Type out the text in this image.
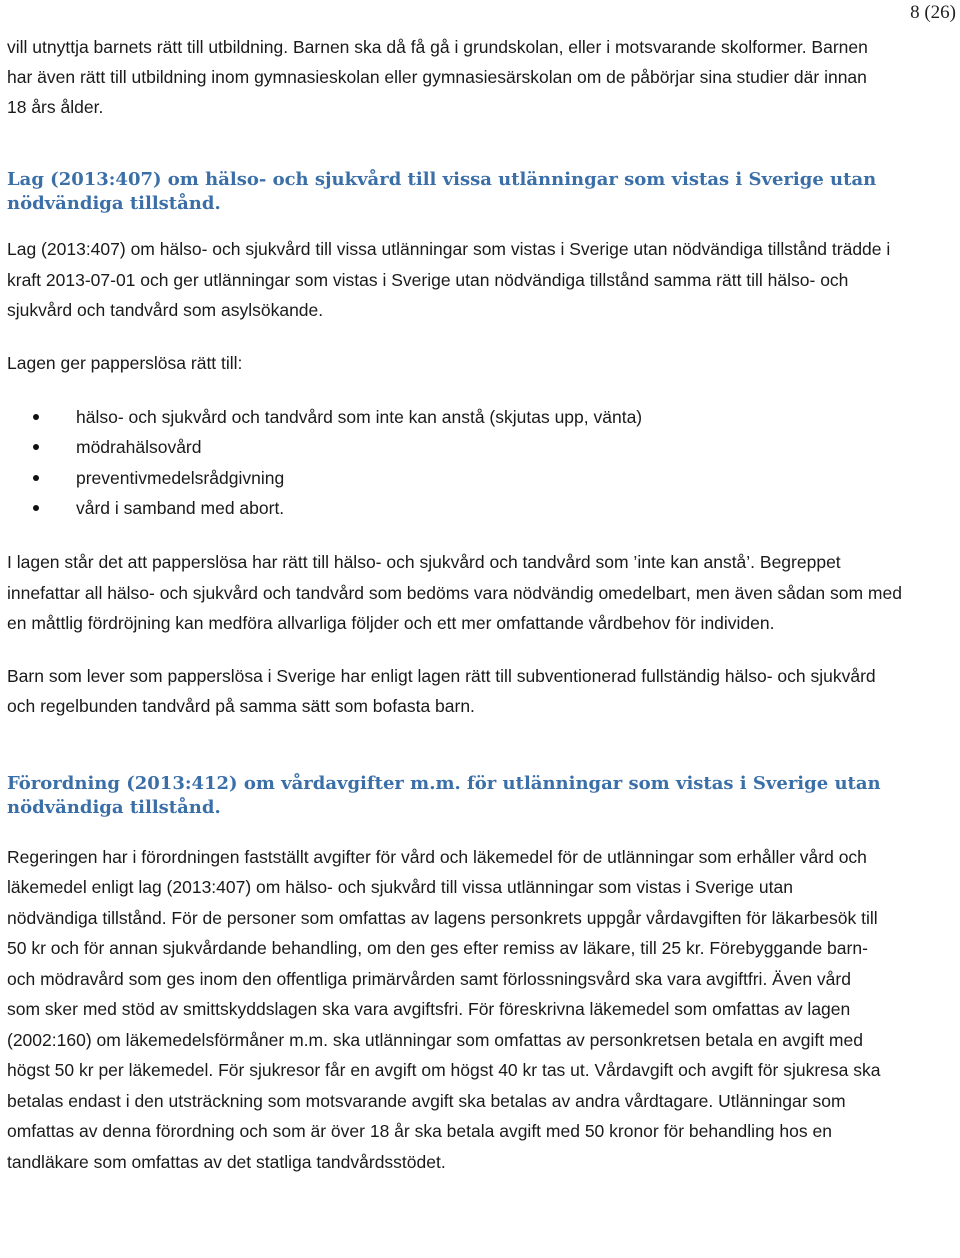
8 (26)

vill utnyttja barnets rätt till utbildning. Barnen ska då få gå i grundskolan, eller i motsvarande skolformer. Barnen har även rätt till utbildning inom gymnasieskolan eller gymnasiesärskolan om de påbörjar sina studier där innan 18 års ålder.

Lag (2013:407) om hälso- och sjukvård till vissa utlänningar som vistas i Sverige utan nödvändiga tillstånd.

Lag (2013:407) om hälso- och sjukvård till vissa utlänningar som vistas i Sverige utan nödvändiga tillstånd trädde i kraft 2013-07-01 och ger utlänningar som vistas i Sverige utan nödvändiga tillstånd samma rätt till hälso- och sjukvård och tandvård som asylsökande.

Lagen ger papperslösa rätt till:

hälso- och sjukvård och tandvård som inte kan anstå (skjutas upp, vänta)
mödrahälsovård
preventivmedelsrådgivning
vård i samband med abort.

I lagen står det att papperslösa har rätt till hälso- och sjukvård och tandvård som ’inte kan anstå’. Begreppet innefattar all hälso- och sjukvård och tandvård som bedöms vara nödvändig omedelbart, men även sådan som med en måttlig fördröjning kan medföra allvarliga följder och ett mer omfattande vårdbehov för individen.

Barn som lever som papperslösa i Sverige har enligt lagen rätt till subventionerad fullständig hälso- och sjukvård och regelbunden tandvård på samma sätt som bofasta barn.

Förordning (2013:412) om vårdavgifter m.m. för utlänningar som vistas i Sverige utan nödvändiga tillstånd.

Regeringen har i förordningen fastställt avgifter för vård och läkemedel för de utlänningar som erhåller vård och läkemedel enligt lag (2013:407) om hälso- och sjukvård till vissa utlänningar som vistas i Sverige utan nödvändiga tillstånd. För de personer som omfattas av lagens personkrets uppgår vårdavgiften för läkarbesök till 50 kr och för annan sjukvårdande behandling, om den ges efter remiss av läkare, till 25 kr. Förebyggande barn- och mödravård som ges inom den offentliga primärvården samt förlossningsvård ska vara avgiftfri. Även vård som sker med stöd av smittskyddslagen ska vara avgiftsfri. För föreskrivna läkemedel som omfattas av lagen (2002:160) om läkemedelsförmåner m.m. ska utlänningar som omfattas av personkretsen betala en avgift med högst 50 kr per läkemedel. För sjukresor får en avgift om högst 40 kr tas ut. Vårdavgift och avgift för sjukresa ska betalas endast i den utsträckning som motsvarande avgift ska betalas av andra vårdtagare. Utlänningar som omfattas av denna förordning och som är över 18 år ska betala avgift med 50 kronor för behandling hos en tandläkare som omfattas av det statliga tandvårdsstödet.
